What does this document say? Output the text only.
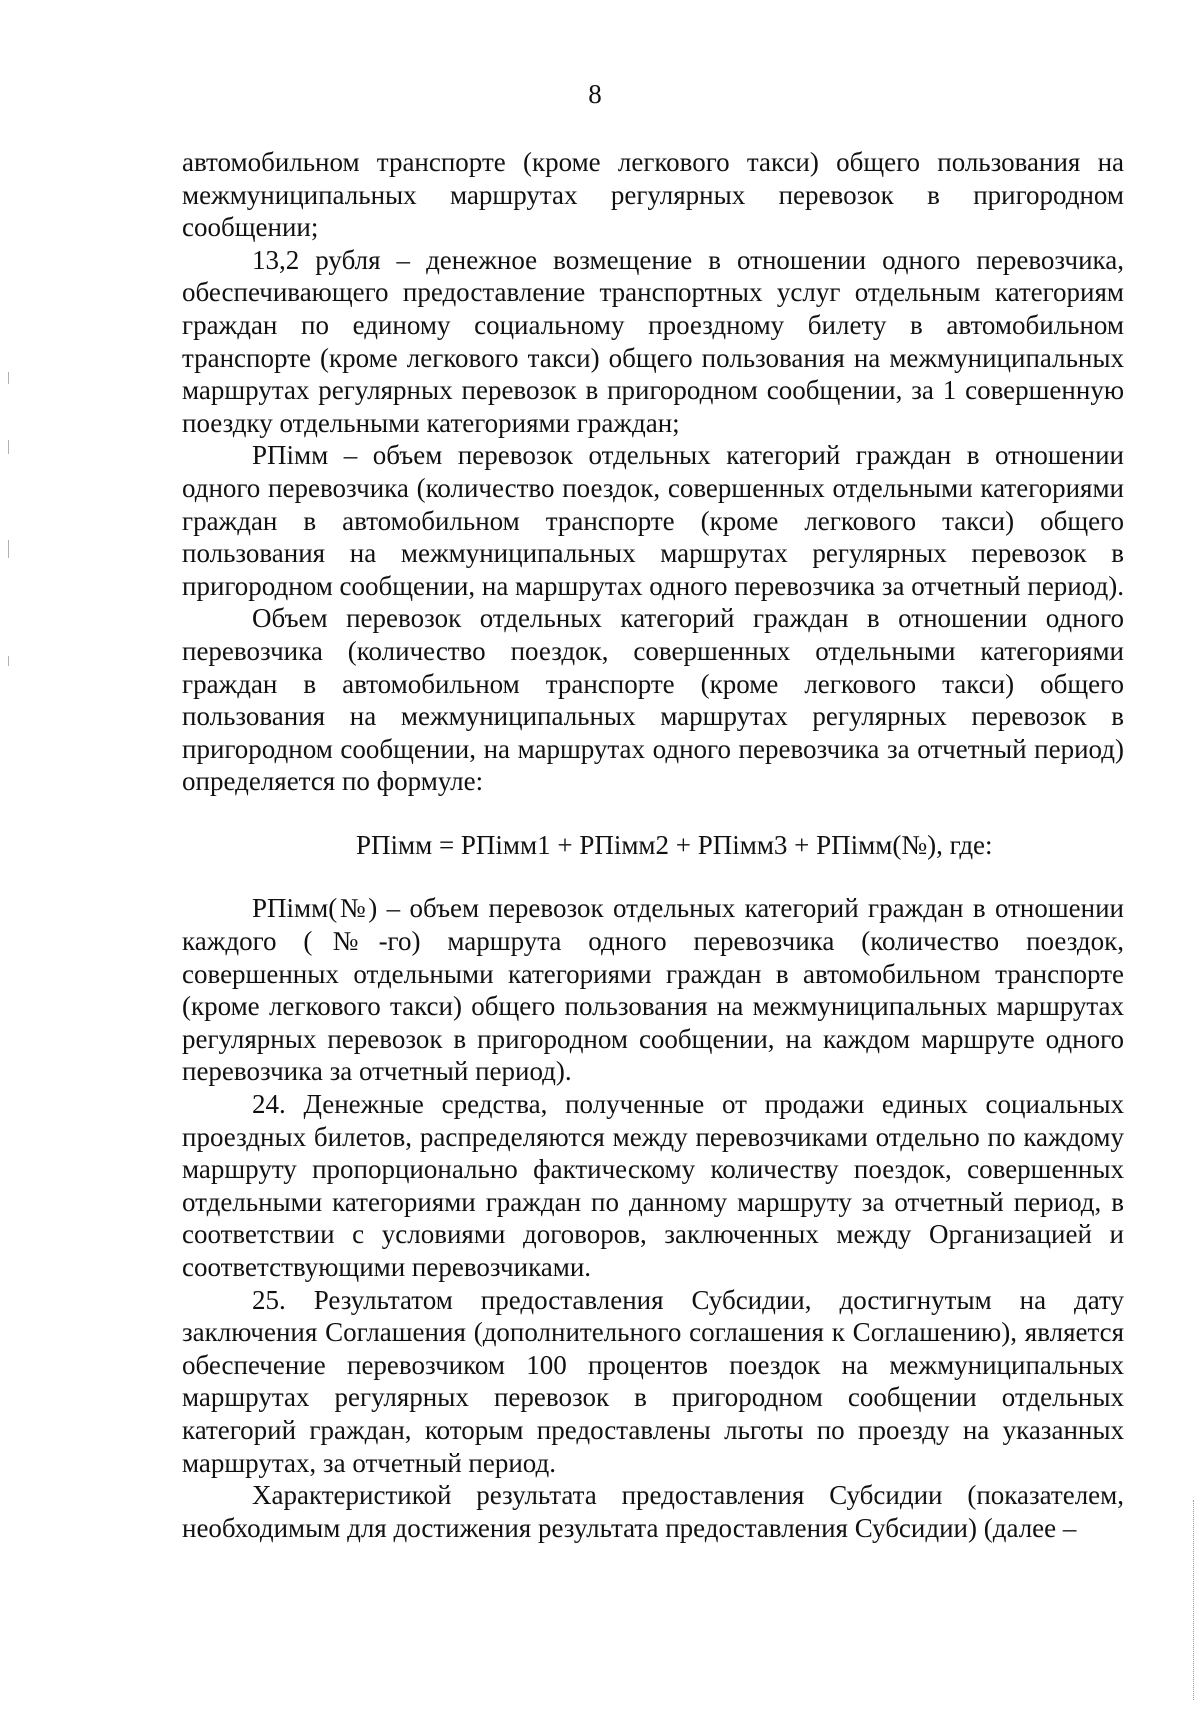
8

автомобильном транспорте (кроме легкового такси) общего пользования на межмуниципальных маршрутах регулярных перевозок в пригородном сообщении;

13,2 рубля – денежное возмещение в отношении одного перевозчика, обеспечивающего предоставление транспортных услуг отдельным категориям граждан по единому социальному проездному билету в автомобильном транспорте (кроме легкового такси) общего пользования на межмуниципальных маршрутах регулярных перевозок в пригородном сообщении, за 1 совершенную поездку отдельными категориями граждан;

РПiмм – объем перевозок отдельных категорий граждан в отношении одного перевозчика (количество поездок, совершенных отдельными категориями граждан в автомобильном транспорте (кроме легкового такси) общего пользования на межмуниципальных маршрутах регулярных перевозок в пригородном сообщении, на маршрутах одного перевозчика за отчетный период).

Объем перевозок отдельных категорий граждан в отношении одного перевозчика (количество поездок, совершенных отдельными категориями граждан в автомобильном транспорте (кроме легкового такси) общего пользования на межмуниципальных маршрутах регулярных перевозок в пригородном сообщении, на маршрутах одного перевозчика за отчетный период) определяется по формуле:

РПiмм = РПiмм1 + РПiмм2 + РПiмм3 + РПiмм(№), где:

РПiмм(№) – объем перевозок отдельных категорий граждан в отношении каждого (№-го) маршрута одного перевозчика (количество поездок, совершенных отдельными категориями граждан в автомобильном транспорте (кроме легкового такси) общего пользования на межмуниципальных маршрутах регулярных перевозок в пригородном сообщении, на каждом маршруте одного перевозчика за отчетный период).

24. Денежные средства, полученные от продажи единых социальных проездных билетов, распределяются между перевозчиками отдельно по каждому маршруту пропорционально фактическому количеству поездок, совершенных отдельными категориями граждан по данному маршруту за отчетный период, в соответствии с условиями договоров, заключенных между Организацией и соответствующими перевозчиками.

25. Результатом предоставления Субсидии, достигнутым на дату заключения Соглашения (дополнительного соглашения к Соглашению), является обеспечение перевозчиком 100 процентов поездок на межмуниципальных маршрутах регулярных перевозок в пригородном сообщении отдельных категорий граждан, которым предоставлены льготы по проезду на указанных маршрутах, за отчетный период.

Характеристикой результата предоставления Субсидии (показателем, необходимым для достижения результата предоставления Субсидии) (далее –
